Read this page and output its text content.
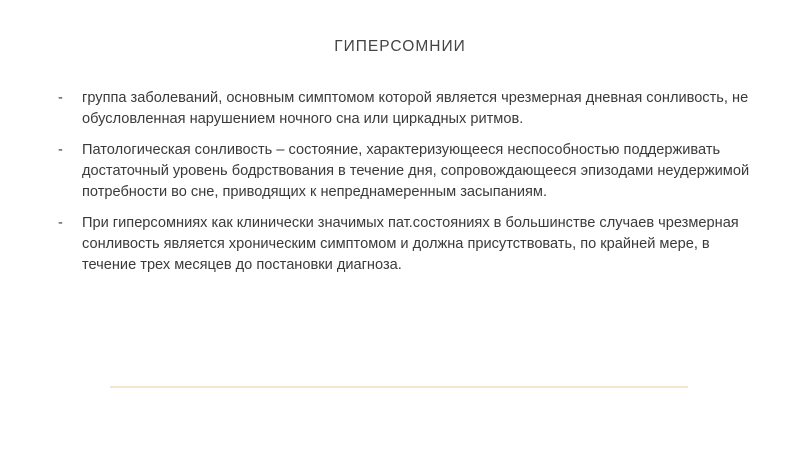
ГИПЕРСОМНИИ
-	группа заболеваний, основным симптомом которой является чрезмерная дневная сонливость, не обусловленная нарушением ночного сна или циркадных ритмов.
-	Патологическая сонливость – состояние, характеризующееся неспособностью поддерживать достаточный уровень бодрствования в течение дня, сопровождающееся эпизодами неудержимой потребности во сне, приводящих к непреднамеренным засыпаниям.
-	При гиперсомниях как клинически значимых пат.состояниях в большинстве случаев чрезмерная сонливость является хроническим симптомом и должна присутствовать, по крайней мере, в течение трех месяцев до постановки диагноза.
